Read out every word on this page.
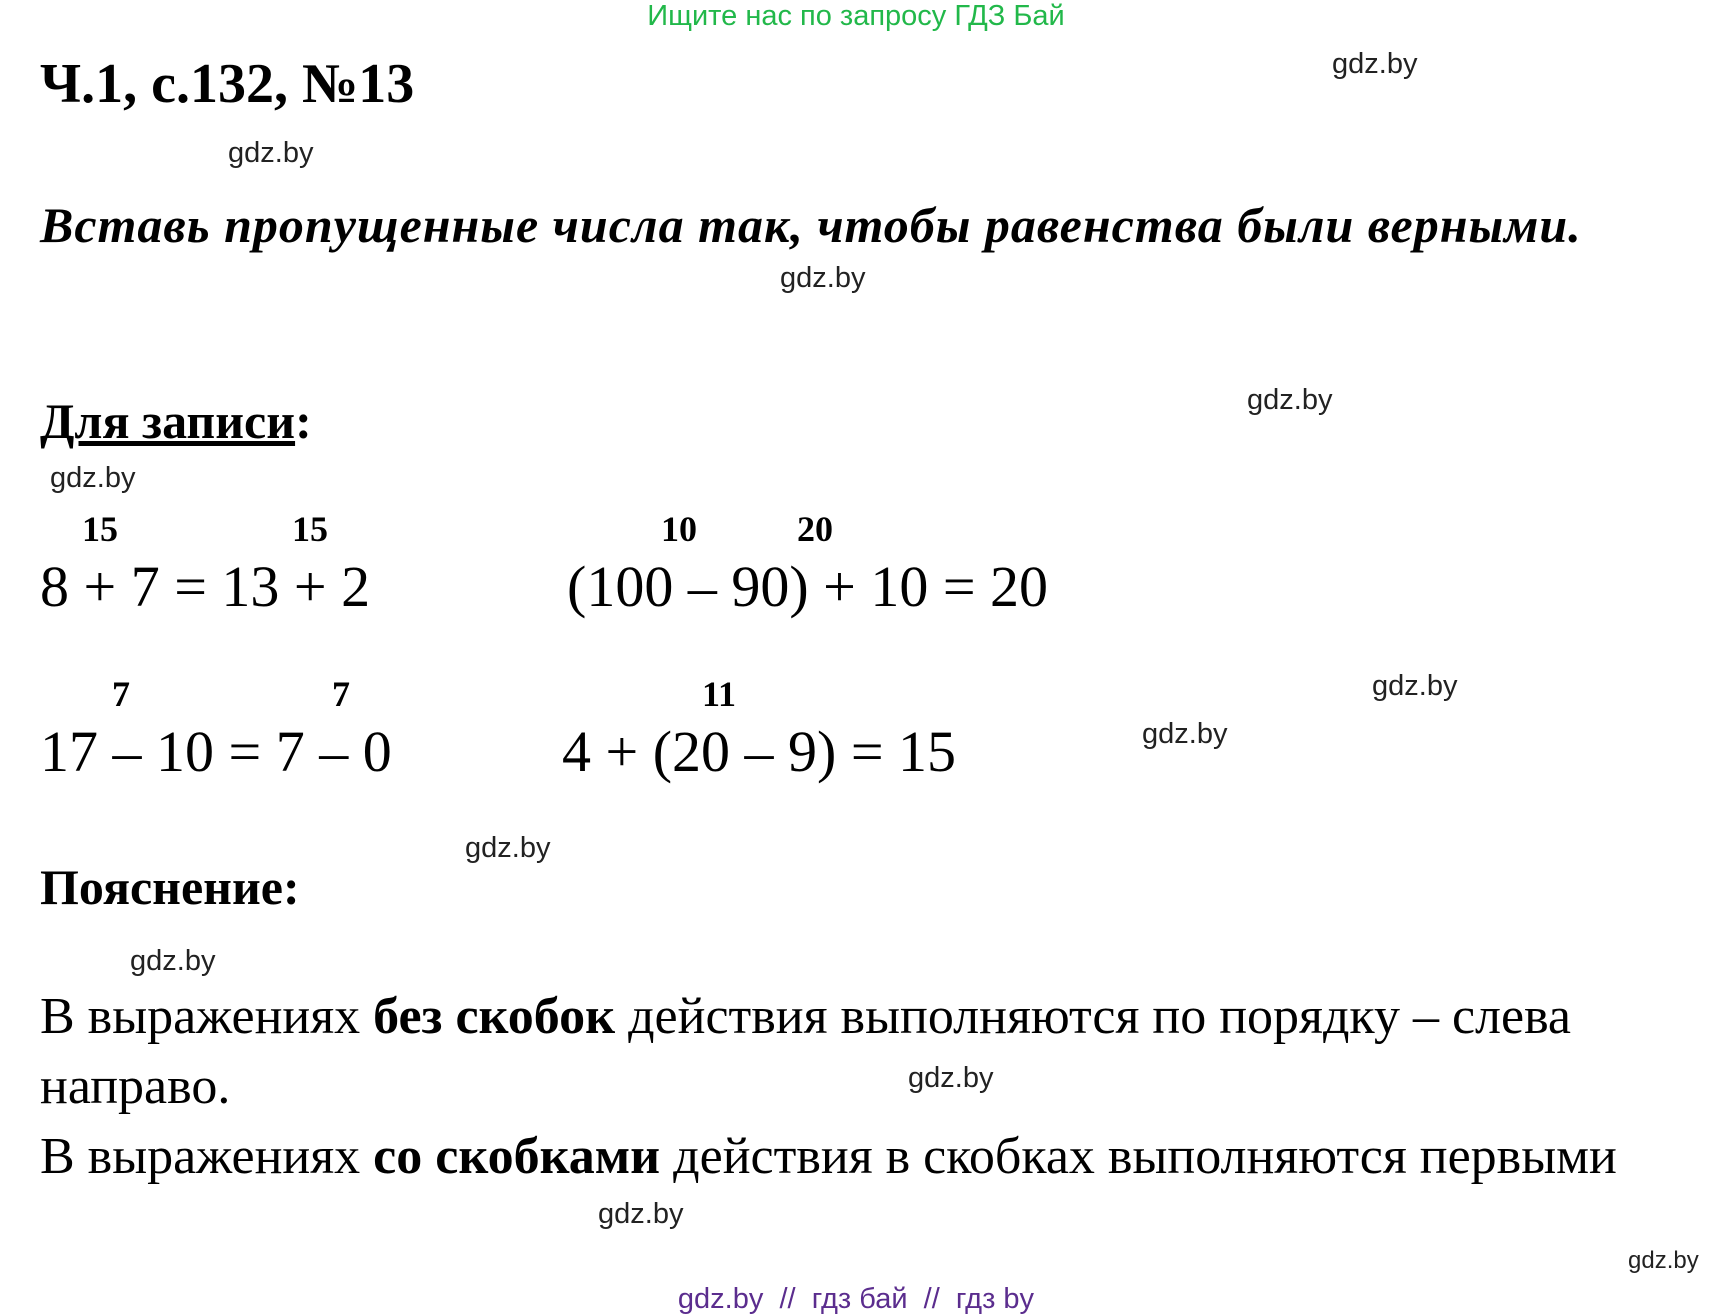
Ищите нас по запросу ГДЗ Бай
gdz.by
gdz.by
gdz.by
gdz.by
gdz.by
gdz.by
gdz.by
gdz.by
gdz.by
gdz.by
gdz.by
gdz.by
Ч.1, с.132, №13
Вставь пропущенные числа так, чтобы равенства были верными.
Для записи:
15	15
8 + 7 = 13 + 2
10	20
(100 – 90) + 10 = 20
7	7
17 – 10 = 7 – 0
11
4 + (20 – 9) = 15
Пояснение:
В выражениях без скобок действия выполняются по порядку – слева направо.
В выражениях со скобками действия в скобках выполняются первыми
gdz.by  //  гдз бай  //  гдз by
